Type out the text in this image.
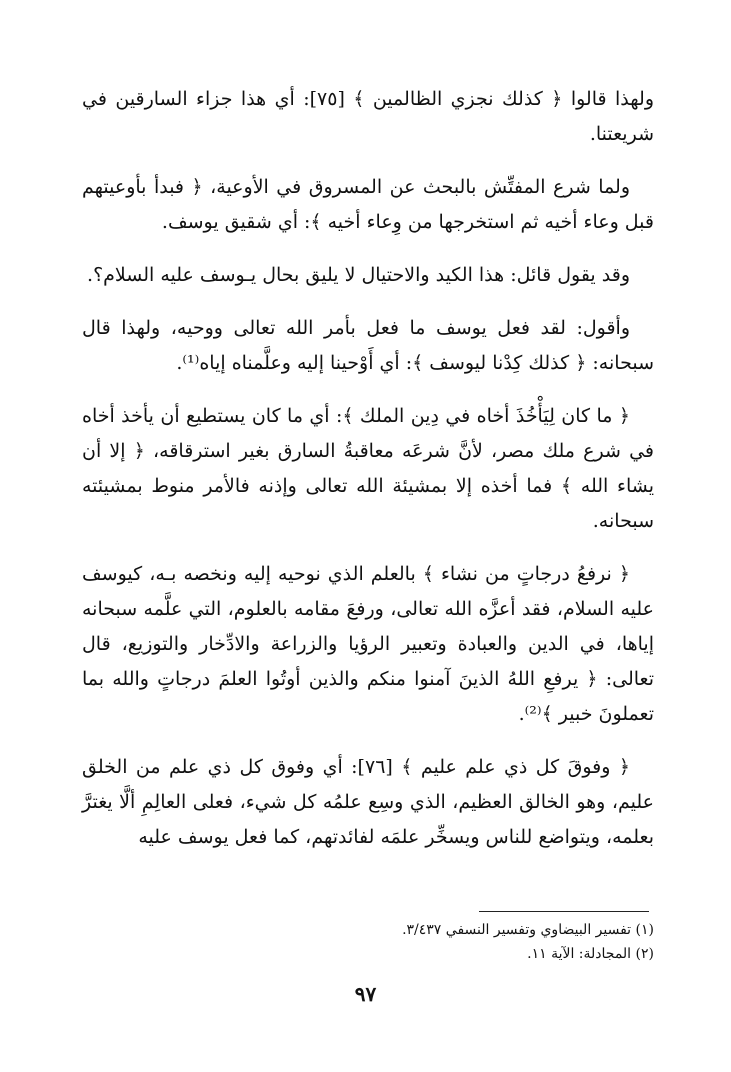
ولهذا قالوا ﴿ كذلك نجزي الظالمين ﴾ [٧٥]: أي هذا جزاء السارقين في شريعتنا.

ولما شرع المفتِّش بالبحث عن المسروق في الأوعية، ﴿ فبدأ بأوعيتهم قبل وعاء أخيه ثم استخرجها من وِعاء أخيه ﴾: أي شقيق يوسف.

وقد يقول قائل: هذا الكيد والاحتيال لا يليق بحال يـوسف عليه السلام؟.

وأقول: لقد فعل يوسف ما فعل بأمر الله تعالى ووحيه، ولهذا قال سبحانه: ﴿ كذلك كِدْنا ليوسف ﴾: أي أَوْحينا إليه وعلَّمناه إياه⁽¹⁾.

﴿ ما كان لِيَأْخُذَ أخاه في دِين الملك ﴾: أي ما كان يستطيع أن يأخذ أخاه في شرع ملك مصر، لأنَّ شرعَه معاقبةُ السارق بغير استرقاقه، ﴿ إلا أن يشاء الله ﴾ فما أخذه إلا بمشيئة الله تعالى وإذنه فالأمر منوط بمشيئته سبحانه.

﴿ نرفعُ درجاتٍ من نشاء ﴾ بالعلم الذي نوحيه إليه ونخصه بـه، كيوسف عليه السلام، فقد أعزَّه الله تعالى، ورفعَ مقامه بالعلوم، التي علَّمه سبحانه إياها، في الدين والعبادة وتعبير الرؤيا والزراعة والادِّخار والتوزيع، قال تعالى: ﴿ يرفعِ اللهُ الذينَ آمنوا منكم والذين أوتُوا العلمَ درجاتٍ والله بما تعملونَ خبير ﴾⁽²⁾.

﴿ وفوقَ كل ذي علم عليم ﴾ [٧٦]: أي وفوق كل ذي علم من الخلق عليم، وهو الخالق العظيم، الذي وسِع علمُه كل شيء، فعلى العالِمِ ألَّا يغترَّ بعلمه، ويتواضع للناس ويسخِّر علمَه لفائدتهم، كما فعل يوسف عليه

(١) تفسير البيضاوي وتفسير النسفي ٣/٤٣٧.

(٢) المجادلة: الآية ١١.

٩٧
